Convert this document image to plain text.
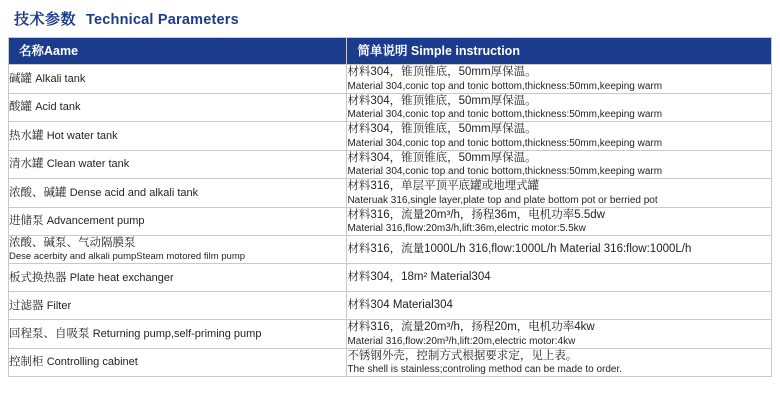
技术参数 Technical Parameters
名称Aame	简单说明 Simple instruction

碱罐 Alkali tank	材料304，锥顶锥底，50mm厚保温。
Material 304,conic top and tonic bottom,thickness:50mm,keeping warm

酸罐 Acid tank	材料304，锥顶锥底，50mm厚保温。
Material 304,conic top and tonic bottom,thickness:50mm,keeping warm

热水罐 Hot water tank	材料304，锥顶锥底，50mm厚保温。
Material 304,conic top and tonic bottom,thickness:50mm,keeping warm

清水罐 Clean water tank	材料304，锥顶锥底，50mm厚保温。
Material 304,conic top and tonic bottom,thickness:50mm,keeping warm

浓酸、碱罐 Dense acid and alkali tank	材料316，单层平顶平底罐或地埋式罐
Nateruak 316,single layer,plate top and plate bottom pot or berried pot

进储泵 Advancement pump	材料316，流量20m³/h，扬程36m，电机功率5.5dw
Material 316,flow:20m3/h,lift:36m,electric motor:5.5kw

浓酸、碱泵、气动隔膜泵
Dese acerbity and alkali pumpSteam motored film pump	材料316，流量1000L/h 316,flow:1000L/h Material 316:flow:1000L/h

板式换热器 Plate heat exchanger	材料304，18m² Material304

过滤器 Filter	材料304 Material304

回程泵、自吸泵 Returning pump,self-priming pump	材料316，流量20m³/h，扬程20m，电机功率4kw
Material 316,flow:20m³/h,lift:20m,electric motor:4kw

控制柜 Controlling cabinet	不锈钢外壳，控制方式根据要求定，见上表。
The shell is stainless;controling method can be made to order.
